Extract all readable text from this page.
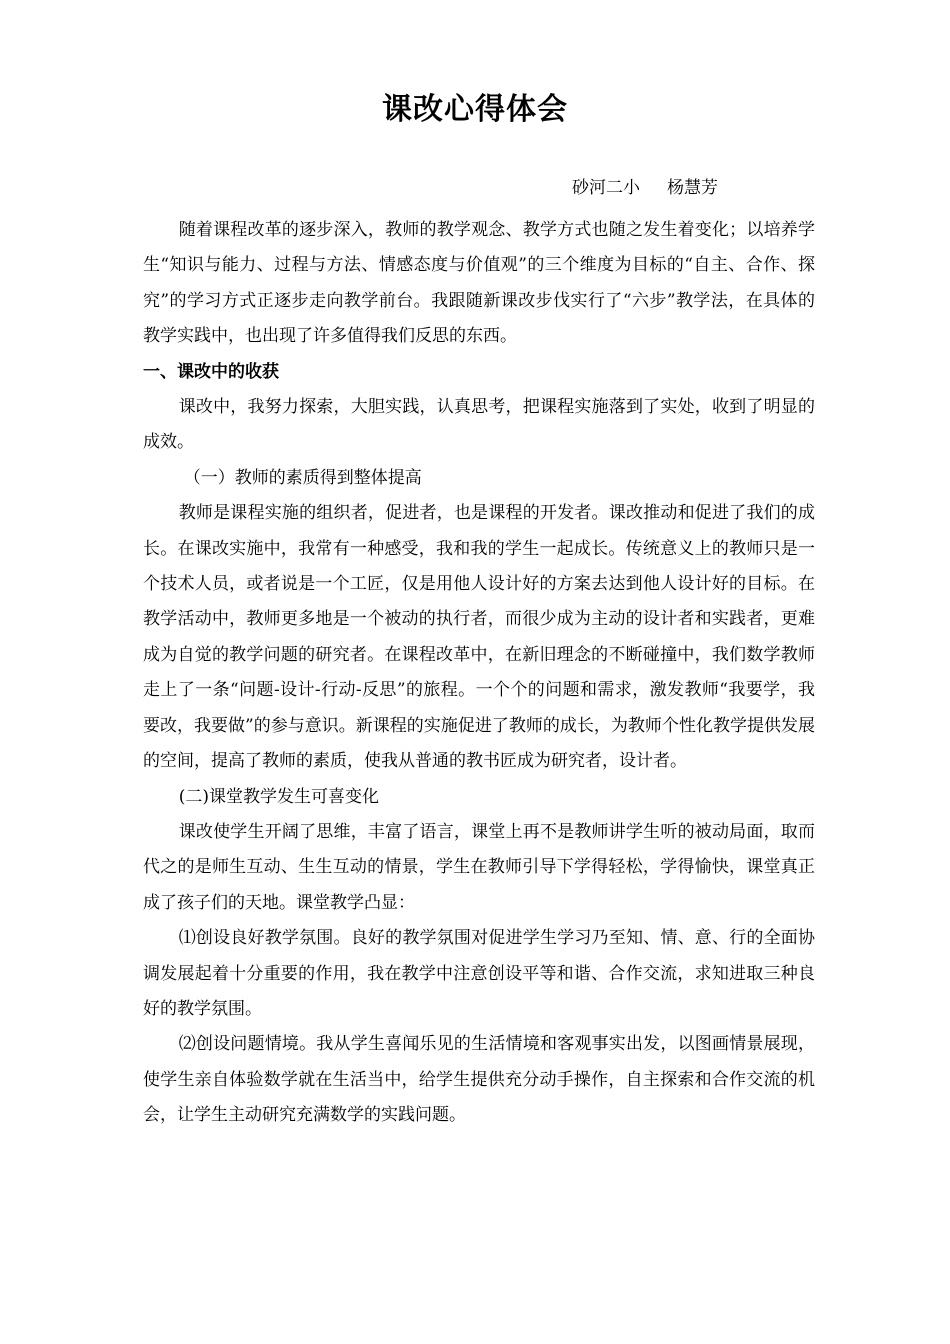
课改心得体会
砂河二小     杨慧芳

随着课程改革的逐步深入，教师的教学观念、教学方式也随之发生着变化；以培养学生“知识与能力、过程与方法、情感态度与价值观”的三个维度为目标的“自主、合作、探究”的学习方式正逐步走向教学前台。我跟随新课改步伐实行了“六步”教学法，在具体的教学实践中，也出现了许多值得我们反思的东西。

一、课改中的收获

课改中，我努力探索，大胆实践，认真思考，把课程实施落到了实处，收到了明显的成效。

（一）教师的素质得到整体提高

教师是课程实施的组织者，促进者，也是课程的开发者。课改推动和促进了我们的成长。在课改实施中，我常有一种感受，我和我的学生一起成长。传统意义上的教师只是一个技术人员，或者说是一个工匠，仅是用他人设计好的方案去达到他人设计好的目标。在教学活动中，教师更多地是一个被动的执行者，而很少成为主动的设计者和实践者，更难成为自觉的教学问题的研究者。在课程改革中，在新旧理念的不断碰撞中，我们数学教师走上了一条“问题-设计-行动-反思”的旅程。一个个的问题和需求，激发教师“我要学，我要改，我要做”的参与意识。新课程的实施促进了教师的成长，为教师个性化教学提供发展的空间，提高了教师的素质，使我从普通的教书匠成为研究者，设计者。

(二)课堂教学发生可喜变化

课改使学生开阔了思维，丰富了语言，课堂上再不是教师讲学生听的被动局面，取而代之的是师生互动、生生互动的情景，学生在教师引导下学得轻松，学得愉快，课堂真正成了孩子们的天地。课堂教学凸显：

⑴创设良好教学氛围。良好的教学氛围对促进学生学习乃至知、情、意、行的全面协调发展起着十分重要的作用，我在教学中注意创设平等和谐、合作交流，求知进取三种良好的教学氛围。

⑵创设问题情境。我从学生喜闻乐见的生活情境和客观事实出发，以图画情景展现，使学生亲自体验数学就在生活当中，给学生提供充分动手操作，自主探索和合作交流的机会，让学生主动研究充满数学的实践问题。
